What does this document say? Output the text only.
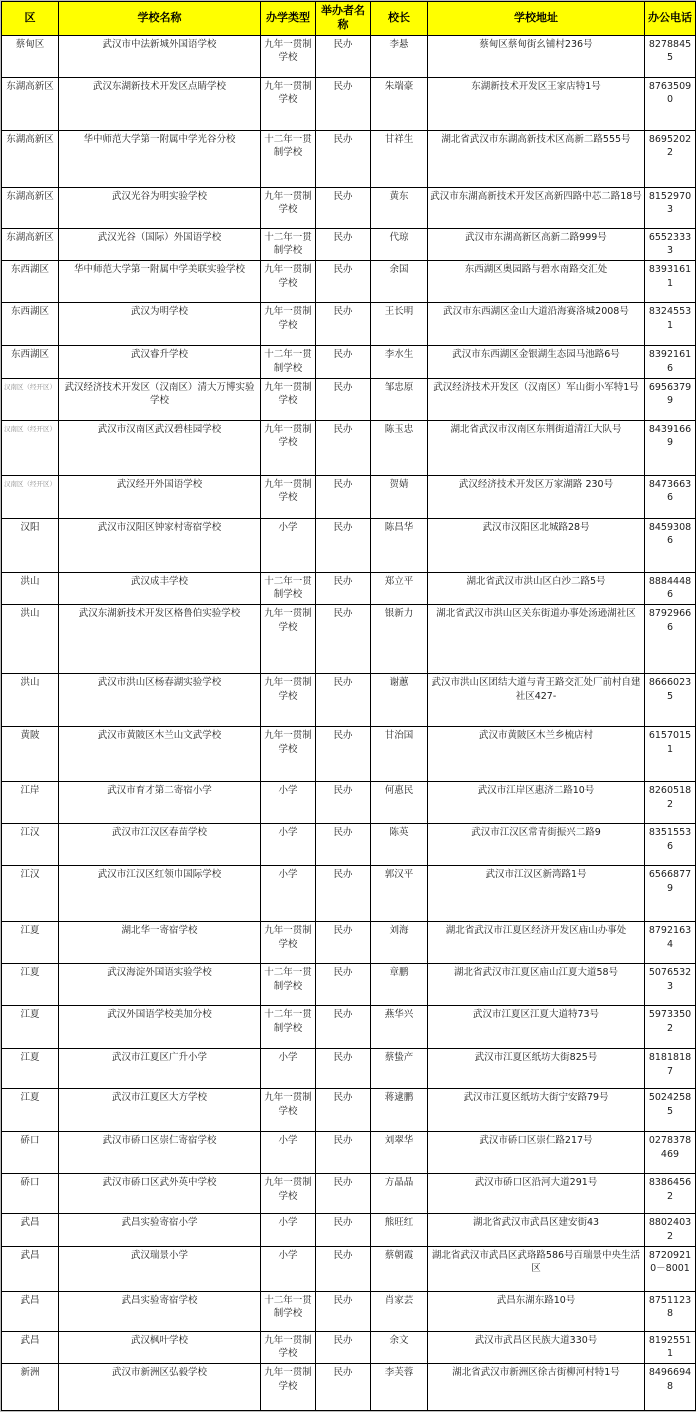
区	学校名称	办学类型	举办者名称	校长	学校地址	办公电话
蔡甸区	武汉市中法新城外国语学校	九年一贯制学校	民办	李悬	蔡甸区蔡甸街幺铺村236号	82788455
东湖高新区	武汉东湖新技术开发区点睛学校	九年一贯制学校	民办	朱端豪	东湖新技术开发区王家店特1号	87635090
东湖高新区	华中师范大学第一附属中学光谷分校	十二年一贯制学校	民办	甘祥生	湖北省武汉市东湖高新技术区高新二路555号	86952022
东湖高新区	武汉光谷为明实验学校	九年一贯制学校	民办	黄东	武汉市东湖高新技术开发区高新四路中芯二路18号	81529703
东湖高新区	武汉光谷（国际）外国语学校	十二年一贯制学校	民办	代琼	武汉市东湖高新区高新二路999号	65523333
东西湖区	华中师范大学第一附属中学美联实验学校	九年一贯制学校	民办	余国	东西湖区奥园路与碧水南路交汇处	83931611
东西湖区	武汉为明学校	九年一贯制学校	民办	王长明	武汉市东西湖区金山大道沿海赛洛城2008号	83245531
东西湖区	武汉睿升学校	十二年一贯制学校	民办	李水生	武汉市东西湖区金银湖生态园马池路6号	83921616
汉南区（经开区）	武汉经济技术开发区（汉南区）清大万博实验学校	九年一贯制学校	民办	邹忠原	武汉经济技术开发区（汉南区）军山街小军特1号	69563799
汉南区（经开区）	武汉市汉南区武汉碧桂园学校	九年一贯制学校	民办	陈玉忠	湖北省武汉市汉南区东荆街道清江大队号	84391669
汉南区（经开区）	武汉经开外国语学校	九年一贯制学校	民办	贺婧	武汉经济技术开发区万家湖路 230号	84736636
汉阳	武汉市汉阳区钟家村寄宿学校	小学	民办	陈昌华	武汉市汉阳区北城路28号	84593086
洪山	武汉成丰学校	十二年一贯制学校	民办	郑立平	湖北省武汉市洪山区白沙二路5号	88844486
洪山	武汉东湖新技术开发区格鲁伯实验学校	九年一贯制学校	民办	银新力	湖北省武汉市洪山区关东街道办事处汤逊湖社区	87929666
洪山	武汉市洪山区杨春湖实验学校	九年一贯制学校	民办	谢蕙	武汉市洪山区团结大道与青王路交汇处厂前村自建社区427-	86660235
黄陂	武汉市黄陂区木兰山文武学校	九年一贯制学校	民办	甘治国	武汉市黄陂区木兰乡梳店村	61570151
江岸	武汉市育才第二寄宿小学	小学	民办	何惠民	武汉市江岸区惠济二路10号	82605182
江汉	武汉市江汉区春苗学校	小学	民办	陈英	武汉市江汉区常青街振兴二路9	83515536
江汉	武汉市江汉区红领巾国际学校	小学	民办	郭汉平	武汉市江汉区新湾路1号	65668779
江夏	湖北华一寄宿学校	九年一贯制学校	民办	刘海	湖北省武汉市江夏区经济开发区庙山办事处	87921634
江夏	武汉海淀外国语实验学校	十二年一贯制学校	民办	章鹏	湖北省武汉市江夏区庙山江夏大道58号	50765323
江夏	武汉外国语学校美加分校	十二年一贯制学校	民办	燕华兴	武汉市江夏区江夏大道特73号	59733502
江夏	武汉市江夏区广升小学	小学	民办	蔡蛰产	武汉市江夏区纸坊大街825号	81818187
江夏	武汉市江夏区大方学校	九年一贯制学校	民办	蒋逮鹏	武汉市江夏区纸坊大街宁安路79号	50242585
硚口	武汉市硚口区崇仁寄宿学校	小学	民办	刘翠华	武汉市硚口区崇仁路217号	0278378469
硚口	武汉市硚口区武外英中学校	九年一贯制学校	民办	方晶晶	武汉市硚口区沿河大道291号	83864562
武昌	武昌实验寄宿小学	小学	民办	熊旺红	湖北省武汉市武昌区建安街43	88024032
武昌	武汉瑞景小学	小学	民办	蔡朝霞	湖北省武汉市武昌区武珞路586号百瑞景中央生活区	87209210－8001
武昌	武昌实验寄宿学校	十二年一贯制学校	民办	肖家芸	武昌东湖东路10号	87511238
武昌	武汉枫叶学校	九年一贯制学校	民办	余文	武汉市武昌区民族大道330号	81925511
新洲	武汉市新洲区弘毅学校	九年一贯制学校	民办	李芙蓉	湖北省武汉市新洲区徐古街柳河村特1号	84966948
